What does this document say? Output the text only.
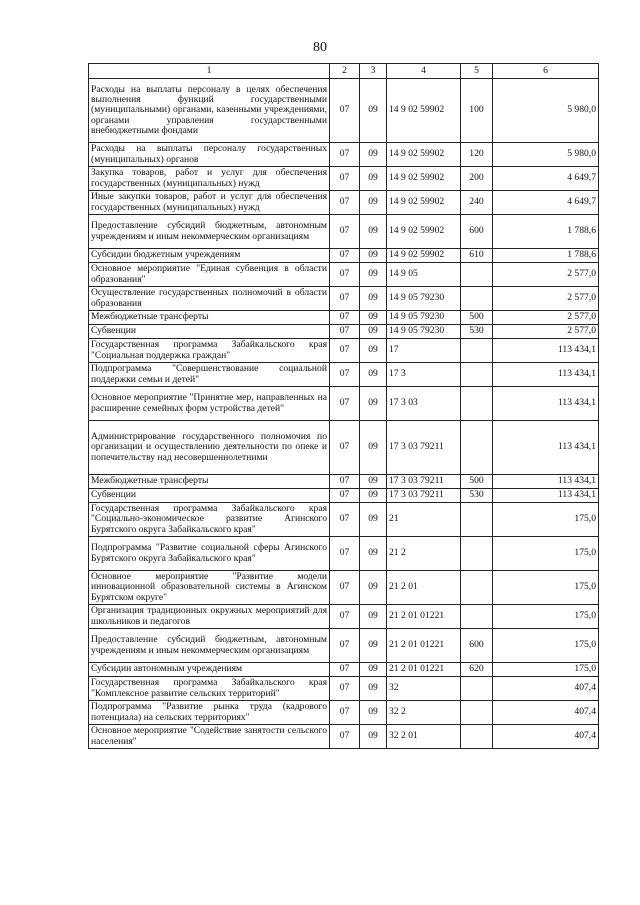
80
1	2	3	4	5	6
Расходы на выплаты персоналу в целях обеспечения выполнения функций государственными (муниципальными) органами, казенными учреждениями, органами управления государственными внебюджетными фондами	07	09	14 9 02 59902	100	5 980,0
Расходы на выплаты персоналу государственных (муниципальных) органов	07	09	14 9 02 59902	120	5 980,0
Закупка товаров, работ и услуг для обеспечения государственных (муниципальных) нужд	07	09	14 9 02 59902	200	4 649,7
Иные закупки товаров, работ и услуг для обеспечения государственных (муниципальных) нужд	07	09	14 9 02 59902	240	4 649,7
Предоставление субсидий бюджетным, автономным учреждениям и иным некоммерческим организациям	07	09	14 9 02 59902	600	1 788,6
Субсидии бюджетным учреждениям	07	09	14 9 02 59902	610	1 788,6
Основное мероприятие "Единая субвенция в области образования"	07	09	14 9 05		2 577,0
Осуществление государственных полномочий в области образования	07	09	14 9 05 79230		2 577,0
Межбюджетные трансферты	07	09	14 9 05 79230	500	2 577,0
Субвенции	07	09	14 9 05 79230	530	2 577,0
Государственная программа Забайкальского края "Социальная поддержка граждан"	07	09	17		113 434,1
Подпрограмма "Совершенствование социальной поддержки семьи и детей"	07	09	17 3		113 434,1
Основное мероприятие "Принятие мер, направленных на расширение семейных форм устройства детей"	07	09	17 3 03		113 434,1
Администрирование государственного полномочия по организации и осуществлению деятельности по опеке и попечительству над несовершеннолетними	07	09	17 3 03 79211		113 434,1
Межбюджетные трансферты	07	09	17 3 03 79211	500	113 434,1
Субвенции	07	09	17 3 03 79211	530	113 434,1
Государственная программа Забайкальского края "Социально-экономическое развитие Агинского Бурятского округа Забайкальского края"	07	09	21		175,0
Подпрограмма "Развитие социальной сферы Агинского Бурятского округа Забайкальского края"	07	09	21 2		175,0
Основное мероприятие "Развитие модели инновационной образовательной системы в Агинском Бурятском округе"	07	09	21 2 01		175,0
Организация традиционных окружных мероприятий для школьников и педагогов	07	09	21 2 01 01221		175,0
Предоставление субсидий бюджетным, автономным учреждениям и иным некоммерческим организациям	07	09	21 2 01 01221	600	175,0
Субсидии автономным учреждениям	07	09	21 2 01 01221	620	175,0
Государственная программа Забайкальского края "Комплексное развитие сельских территорий"	07	09	32		407,4
Подпрограмма "Развитие рынка труда (кадрового потенциала) на сельских территориях"	07	09	32 2		407,4
Основное мероприятие "Содействие занятости сельского населения"	07	09	32 2 01		407,4
